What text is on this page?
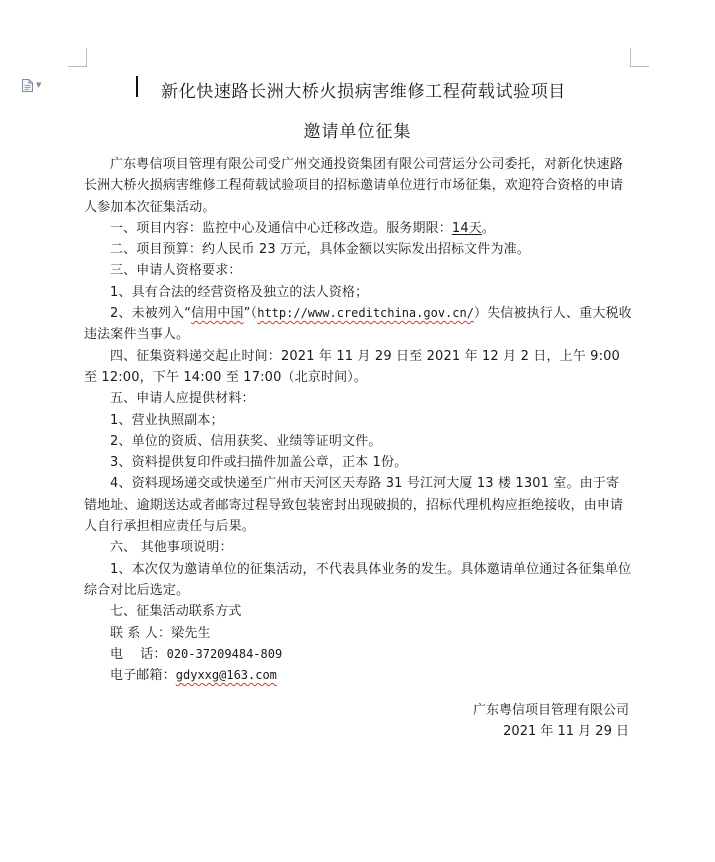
▼	新化快速路长洲大桥火损病害维修工程荷载试验项目
邀请单位征集

广东粤信项目管理有限公司受广州交通投资集团有限公司营运分公司委托，对新化快速路长洲大桥火损病害维修工程荷载试验项目的招标邀请单位进行市场征集，欢迎符合资格的申请人参加本次征集活动。

一、项目内容：监控中心及通信中心迁移改造。服务期限：14天。

二、项目预算：约人民币 23 万元，具体金额以实际发出招标文件为准。

三、申请人资格要求：

1、具有合法的经营资格及独立的法人资格；

2、未被列入“信用中国”（http://www.creditchina.gov.cn/）失信被执行人、重大税收违法案件当事人。

四、征集资料递交起止时间：2021 年 11 月 29 日至 2021 年 12 月 2 日，上午 9:00 至 12:00，下午 14:00 至 17:00（北京时间）。

五、申请人应提供材料：

1、营业执照副本；

2、单位的资质、信用获奖、业绩等证明文件。

3、资料提供复印件或扫描件加盖公章，正本 1份。

4、资料现场递交或快递至广州市天河区天寿路 31 号江河大厦 13 楼 1301 室。由于寄错地址、逾期送达或者邮寄过程导致包装密封出现破损的，招标代理机构应拒绝接收，由申请人自行承担相应责任与后果。

六、 其他事项说明：

1、本次仅为邀请单位的征集活动，不代表具体业务的发生。具体邀请单位通过各征集单位综合对比后选定。

七、征集活动联系方式

联 系 人：梁先生

电    话：020-37209484-809

电子邮箱：gdyxxg@163.com

广东粤信项目管理有限公司

2021 年 11 月 29 日
